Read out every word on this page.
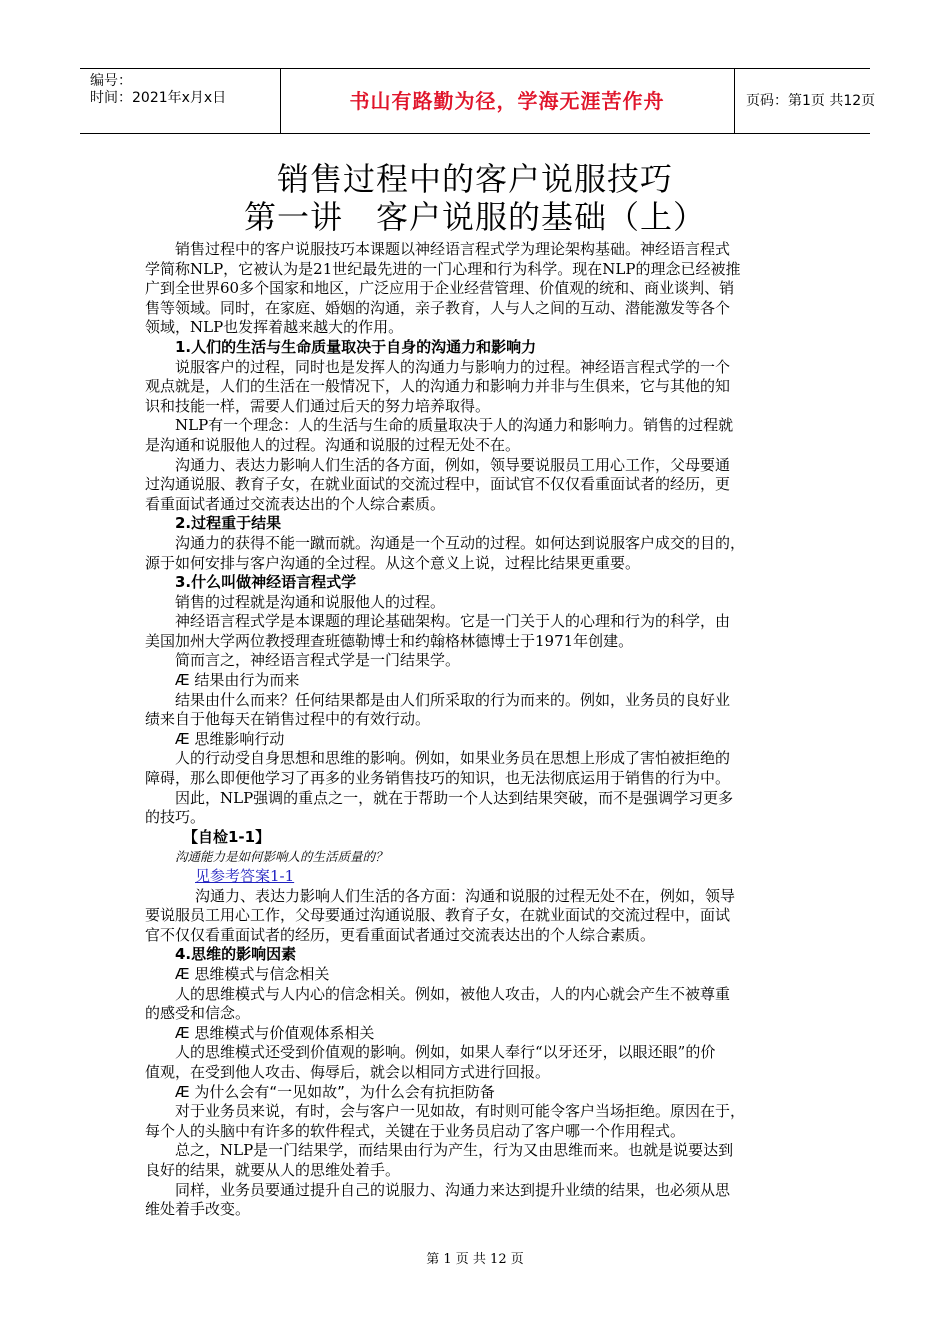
编号：
时间：2021年x月x日	书山有路勤为径，学海无涯苦作舟	页码：第1页 共12页
销售过程中的客户说服技巧
第一讲　客户说服的基础（上）
销售过程中的客户说服技巧本课题以神经语言程式学为理论架构基础。神经语言程式
学简称NLP，它被认为是21世纪最先进的一门心理和行为科学。现在NLP的理念已经被推
广到全世界60多个国家和地区，广泛应用于企业经营管理、价值观的统和、商业谈判、销
售等领域。同时，在家庭、婚姻的沟通，亲子教育，人与人之间的互动、潜能激发等各个
领域，NLP也发挥着越来越大的作用。
1.人们的生活与生命质量取决于自身的沟通力和影响力
说服客户的过程，同时也是发挥人的沟通力与影响力的过程。神经语言程式学的一个
观点就是，人们的生活在一般情况下，人的沟通力和影响力并非与生俱来，它与其他的知
识和技能一样，需要人们通过后天的努力培养取得。
NLP有一个理念：人的生活与生命的质量取决于人的沟通力和影响力。销售的过程就
是沟通和说服他人的过程。沟通和说服的过程无处不在。
沟通力、表达力影响人们生活的各方面，例如，领导要说服员工用心工作，父母要通
过沟通说服、教育子女，在就业面试的交流过程中，面试官不仅仅看重面试者的经历，更
看重面试者通过交流表达出的个人综合素质。
2.过程重于结果
沟通力的获得不能一蹴而就。沟通是一个互动的过程。如何达到说服客户成交的目的，
源于如何安排与客户沟通的全过程。从这个意义上说，过程比结果更重要。
3.什么叫做神经语言程式学
销售的过程就是沟通和说服他人的过程。
神经语言程式学是本课题的理论基础架构。它是一门关于人的心理和行为的科学，由
美国加州大学两位教授理查班德勒博士和约翰格林德博士于1971年创建。
简而言之，神经语言程式学是一门结果学。
Æ 结果由行为而来
结果由什么而来？任何结果都是由人们所采取的行为而来的。例如，业务员的良好业
绩来自于他每天在销售过程中的有效行动。
Æ 思维影响行动
人的行动受自身思想和思维的影响。例如，如果业务员在思想上形成了害怕被拒绝的
障碍，那么即便他学习了再多的业务销售技巧的知识，也无法彻底运用于销售的行为中。
因此，NLP强调的重点之一，就在于帮助一个人达到结果突破，而不是强调学习更多
的技巧。
【自检1-1】
沟通能力是如何影响人的生活质量的？
见参考答案1-1
沟通力、表达力影响人们生活的各方面：沟通和说服的过程无处不在，例如，领导
要说服员工用心工作，父母要通过沟通说服、教育子女，在就业面试的交流过程中，面试
官不仅仅看重面试者的经历，更看重面试者通过交流表达出的个人综合素质。
4.思维的影响因素
Æ 思维模式与信念相关
人的思维模式与人内心的信念相关。例如，被他人攻击，人的内心就会产生不被尊重
的感受和信念。
Æ 思维模式与价值观体系相关
人的思维模式还受到价值观的影响。例如，如果人奉行“以牙还牙，以眼还眼”的价
值观，在受到他人攻击、侮辱后，就会以相同方式进行回报。
Æ 为什么会有“一见如故”，为什么会有抗拒防备
对于业务员来说，有时，会与客户一见如故，有时则可能令客户当场拒绝。原因在于，
每个人的头脑中有许多的软件程式，关键在于业务员启动了客户哪一个作用程式。
总之，NLP是一门结果学，而结果由行为产生，行为又由思维而来。也就是说要达到
良好的结果，就要从人的思维处着手。
同样，业务员要通过提升自己的说服力、沟通力来达到提升业绩的结果，也必须从思
维处着手改变。
第 1 页 共 12 页
